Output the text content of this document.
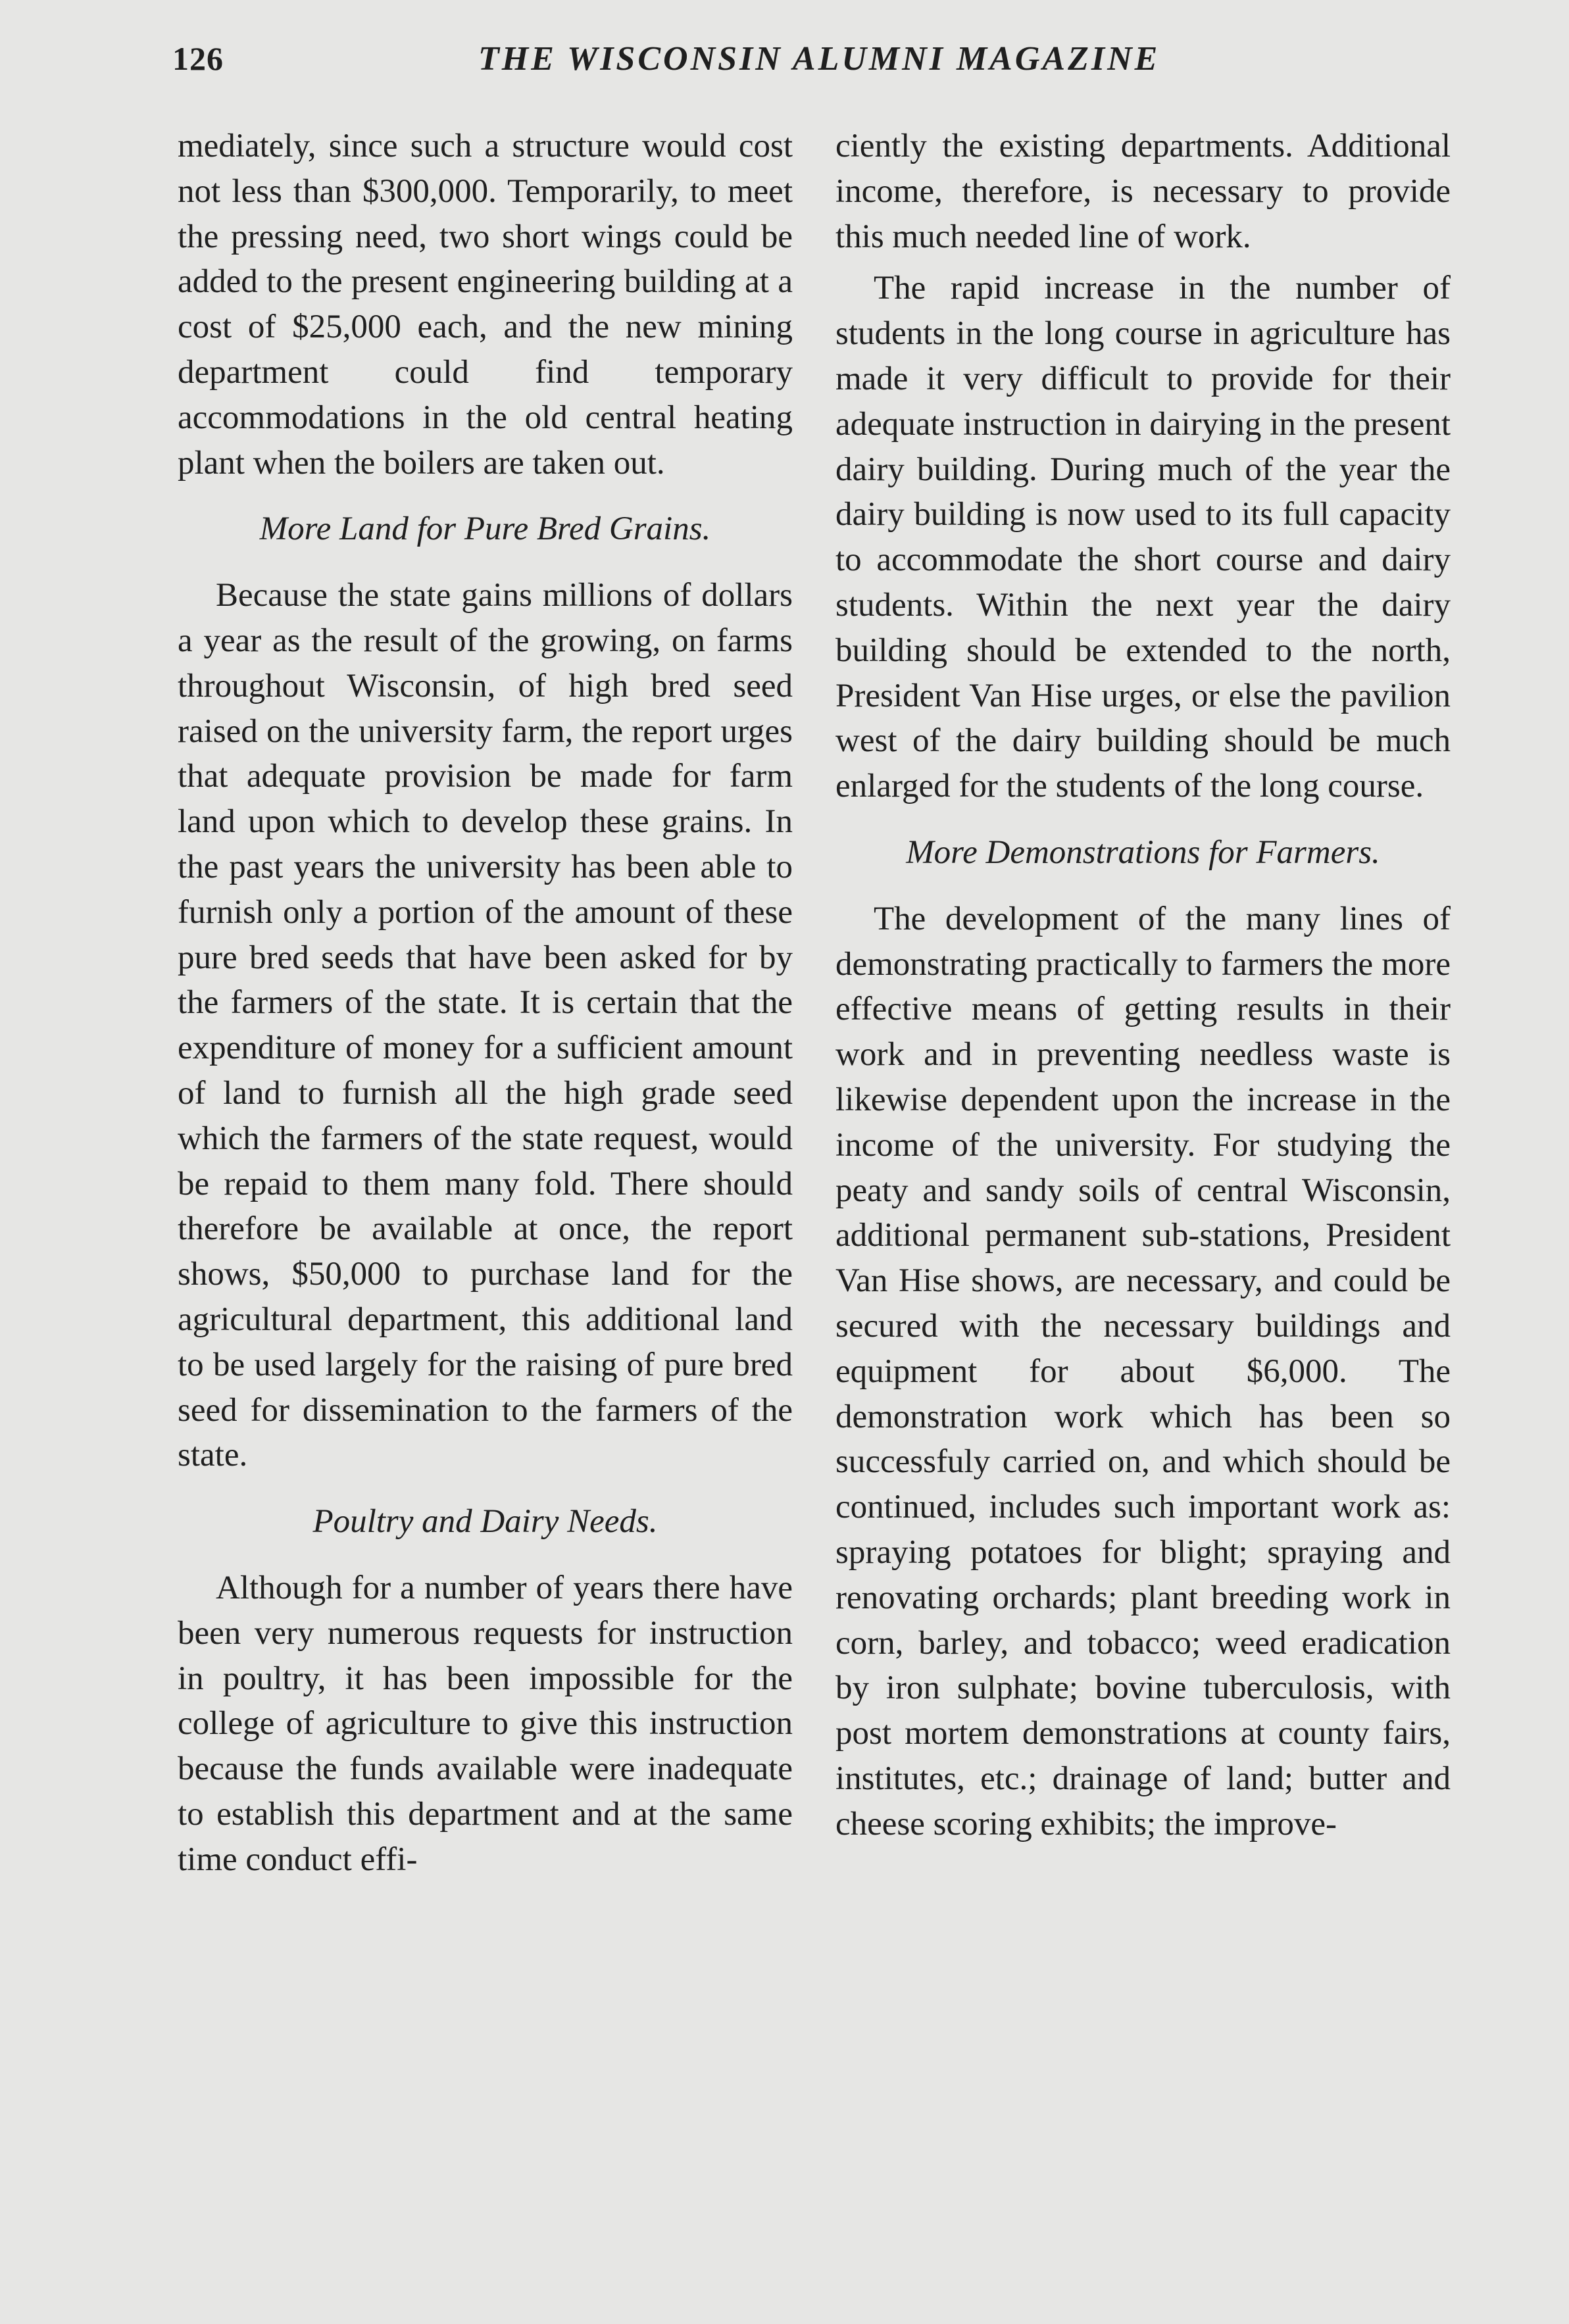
126	THE WISCONSIN ALUMNI MAGAZINE

mediately, since such a structure would cost not less than $300,000. Temporarily, to meet the pressing need, two short wings could be added to the present engineering building at a cost of $25,000 each, and the new mining department could find temporary accommodations in the old central heating plant when the boilers are taken out.

More Land for Pure Bred Grains.

Because the state gains millions of dollars a year as the result of the growing, on farms throughout Wisconsin, of high bred seed raised on the university farm, the report urges that adequate provision be made for farm land upon which to develop these grains. In the past years the university has been able to furnish only a portion of the amount of these pure bred seeds that have been asked for by the farmers of the state. It is certain that the expenditure of money for a sufficient amount of land to furnish all the high grade seed which the farmers of the state request, would be repaid to them many fold. There should therefore be available at once, the report shows, $50,000 to purchase land for the agricultural department, this additional land to be used largely for the raising of pure bred seed for dissemination to the farmers of the state.

Poultry and Dairy Needs.

Although for a number of years there have been very numerous requests for instruction in poultry, it has been impossible for the college of agriculture to give this instruction because the funds available were inadequate to establish this department and at the same time conduct effi-

ciently the existing departments. Additional income, therefore, is necessary to provide this much needed line of work.

The rapid increase in the number of students in the long course in agriculture has made it very difficult to provide for their adequate instruction in dairying in the present dairy building. During much of the year the dairy building is now used to its full capacity to accommodate the short course and dairy students. Within the next year the dairy building should be extended to the north, President Van Hise urges, or else the pavilion west of the dairy building should be much enlarged for the students of the long course.

More Demonstrations for Farmers.

The development of the many lines of demonstrating practically to farmers the more effective means of getting results in their work and in preventing needless waste is likewise dependent upon the increase in the income of the university. For studying the peaty and sandy soils of central Wisconsin, additional permanent sub-stations, President Van Hise shows, are necessary, and could be secured with the necessary buildings and equipment for about $6,000. The demonstration work which has been so successfuly carried on, and which should be continued, includes such important work as: spraying potatoes for blight; spraying and renovating orchards; plant breeding work in corn, barley, and tobacco; weed eradication by iron sulphate; bovine tuberculosis, with post mortem demonstrations at county fairs, institutes, etc.; drainage of land; butter and cheese scoring exhibits; the improve-
